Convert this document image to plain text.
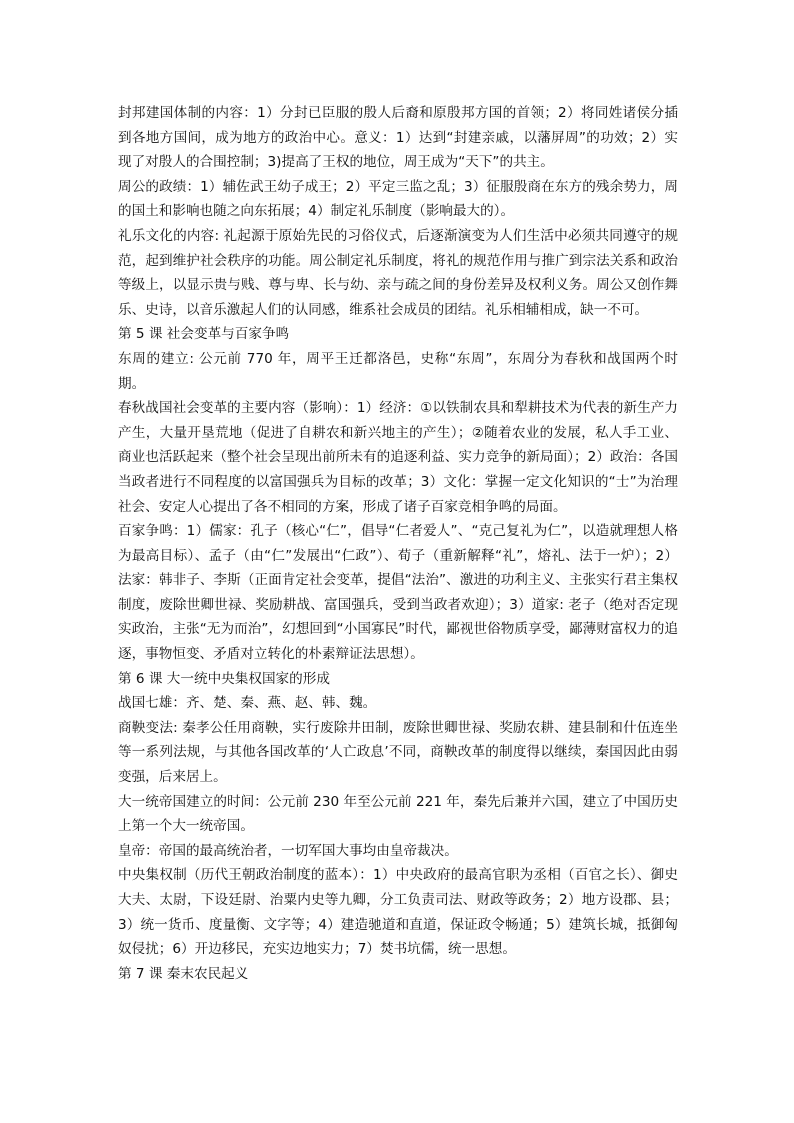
封邦建国体制的内容：1）分封已臣服的殷人后裔和原殷邦方国的首领；2）将同姓诸侯分插到各地方国间，成为地方的政治中心。意义：1）达到“封建亲戚，以藩屏周”的功效；2）实现了对殷人的合围控制；3)提高了王权的地位，周王成为“天下”的共主。

周公的政绩：1）辅佐武王幼子成王；2）平定三监之乱；3）征服殷商在东方的残余势力，周的国土和影响也随之向东拓展；4）制定礼乐制度（影响最大的）。

礼乐文化的内容: 礼起源于原始先民的习俗仪式，后逐渐演变为人们生活中必须共同遵守的规范，起到维护社会秩序的功能。周公制定礼乐制度，将礼的规范作用与推广到宗法关系和政治等级上，以显示贵与贱、尊与卑、长与幼、亲与疏之间的身份差异及权利义务。周公又创作舞乐、史诗，以音乐激起人们的认同感，维系社会成员的团结。礼乐相辅相成，缺一不可。

第 5 课 社会变革与百家争鸣

东周的建立: 公元前 770 年，周平王迁都洛邑，史称“东周”，东周分为春秋和战国两个时期。

春秋战国社会变革的主要内容（影响）：1）经济：①以铁制农具和犁耕技术为代表的新生产力产生，大量开垦荒地（促进了自耕农和新兴地主的产生）；②随着农业的发展，私人手工业、商业也活跃起来（整个社会呈现出前所未有的追逐利益、实力竞争的新局面）；2）政治：各国当政者进行不同程度的以富国强兵为目标的改革；3）文化：掌握一定文化知识的“士”为治理社会、安定人心提出了各不相同的方案，形成了诸子百家竞相争鸣的局面。

百家争鸣：1）儒家：孔子（核心“仁”，倡导“仁者爱人”、“克己复礼为仁”，以造就理想人格为最高目标）、孟子（由“仁”发展出“仁政”）、荀子（重新解释“礼”，熔礼、法于一炉）；2）法家：韩非子、李斯（正面肯定社会变革，提倡“法治”、激进的功利主义、主张实行君主集权制度，废除世卿世禄、奖励耕战、富国强兵，受到当政者欢迎）；3）道家: 老子（绝对否定现实政治，主张“无为而治”，幻想回到“小国寡民”时代，鄙视世俗物质享受，鄙薄财富权力的追逐，事物恒变、矛盾对立转化的朴素辩证法思想）。

第 6 课 大一统中央集权国家的形成

战国七雄：齐、楚、秦、燕、赵、韩、魏。

商鞅变法: 秦孝公任用商鞅，实行废除井田制，废除世卿世禄、奖励农耕、建县制和什伍连坐等一系列法规，与其他各国改革的‘人亡政息’不同，商鞅改革的制度得以继续，秦国因此由弱变强，后来居上。

大一统帝国建立的时间：公元前 230 年至公元前 221 年，秦先后兼并六国，建立了中国历史上第一个大一统帝国。

皇帝：帝国的最高统治者，一切军国大事均由皇帝裁决。

中央集权制（历代王朝政治制度的蓝本）：1）中央政府的最高官职为丞相（百官之长）、御史大夫、太尉，下设廷尉、治粟内史等九卿，分工负责司法、财政等政务；2）地方设郡、县；3）统一货币、度量衡、文字等；4）建造驰道和直道，保证政令畅通；5）建筑长城，抵御匈奴侵扰；6）开边移民，充实边地实力；7）焚书坑儒，统一思想。

第 7 课 秦末农民起义
